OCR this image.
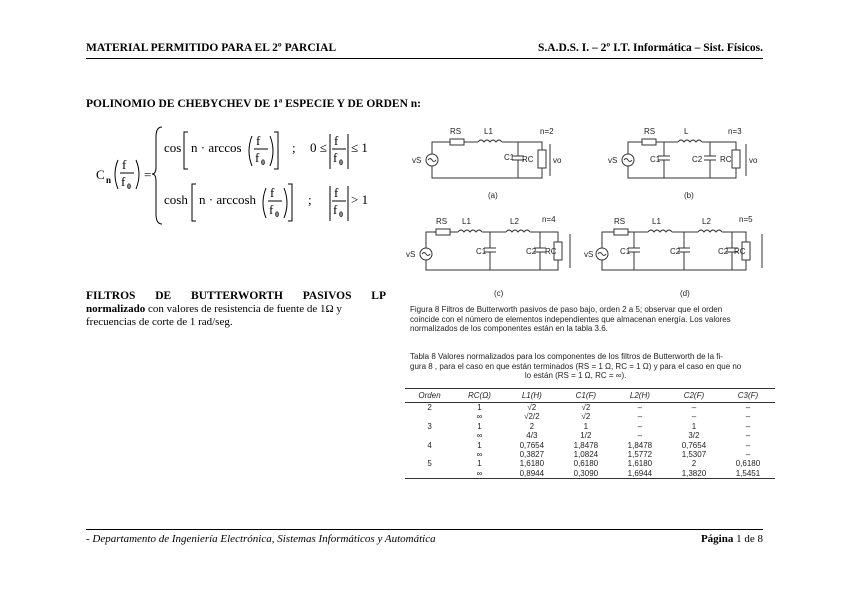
MATERIAL PERMITIDO PARA EL 2º PARCIAL	S.A.D.S. I. – 2º I.T. Informática – Sist. Físicos.
POLINOMIO DE CHEBYCHEV DE 1ª ESPECIE Y DE ORDEN n:
C n
f
f 0
=
cos n · arccos f
f 0
; 0 ≤ f
f 0
≤ 1
cosh n · arccosh f
f 0
; f
f 0
> 1
FILTROS DE BUTTERWORTH PASIVOS LP
normalizado con valores de resistencia de fuente de 1Ω y
frecuencias de corte de 1 rad/seg.
RS	L1
C1 RC
vS	vo
n=2
(a)
RS	L
C1	C2 RC
vS	vo
n=3
(b)
RS L1	L2
C1	C2 RC
vS
n=4
(c)
RS	L1	L2
C1	C2	C2 RC
vS
n=5
(d)
Figura 8 Filtros de Butterworth pasivos de paso bajo, orden 2 a 5; observar que el orden
coincide con el número de elementos independientes que almacenan energía. Los valores
normalizados de los componentes están en la tabla 3.6.
Tabla 8 Valores normalizados para los componentes de los filtros de Butterworth de la fi-
gura 8 , para el caso en que están terminados (RS = 1 Ω, RC = 1 Ω) y para el caso en que no
lo están (RS = 1 Ω, RC = ∞).
Orden	RC(Ω)	L1(H)	C1(F)	L2(H)	C2(F)	C3(F)
2	1	√2	√2	–	–	–
	∞	√2/2	√2	–	–	–
3	1	2	1	–	1	–
	∞	4/3	1/2	–	3/2	–
4	1	0,7654	1,8478	1,8478	0,7654	–
	∞	0,3827	1,0824	1,5772	1,5307	–
5	1	1,6180	0,6180	1,6180	2	0,6180
	∞	0,8944	0,3090	1,6944	1,3820	1,5451
- Departamento de Ingeniería Electrónica, Sistemas Informáticos y Automática	Página 1 de 8
